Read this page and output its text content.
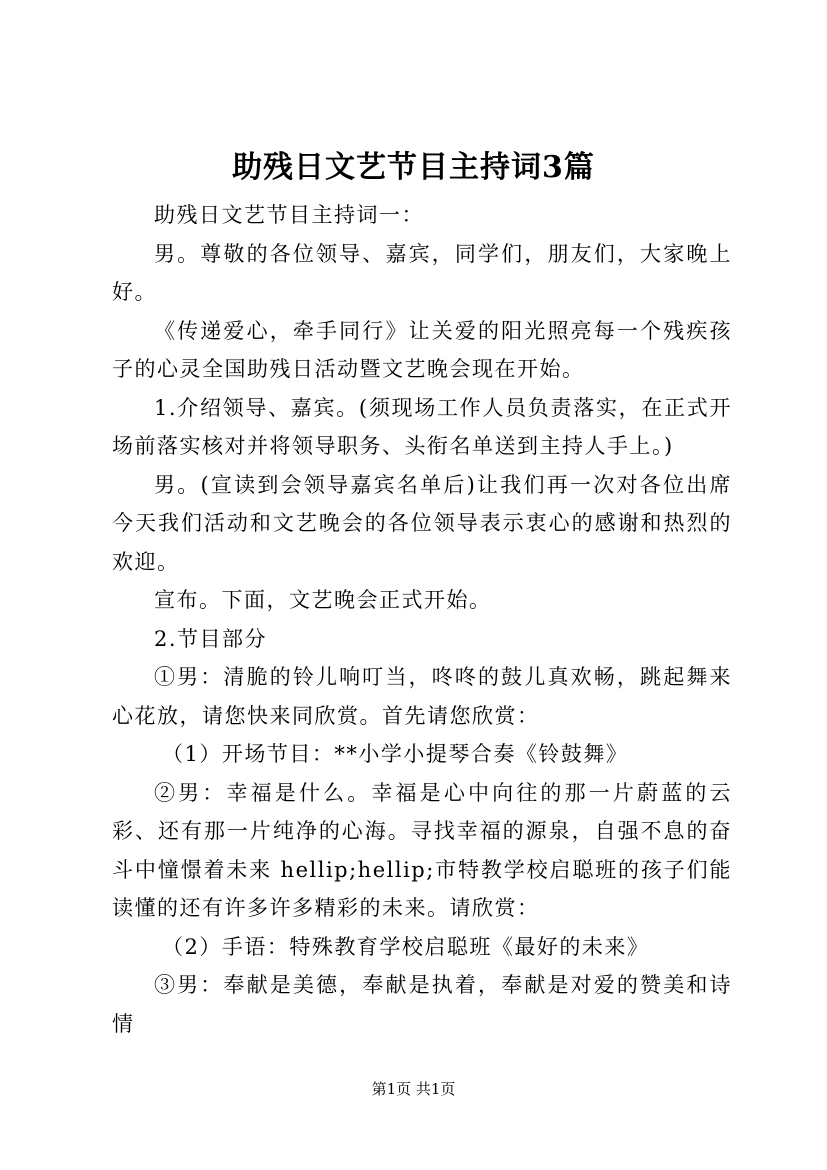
助残日文艺节目主持词3篇

助残日文艺节目主持词一：

男。尊敬的各位领导、嘉宾，同学们，朋友们，大家晚上好。

《传递爱心，牵手同行》让关爱的阳光照亮每一个残疾孩子的心灵全国助残日活动暨文艺晚会现在开始。

1.介绍领导、嘉宾。(须现场工作人员负责落实，在正式开场前落实核对并将领导职务、头衔名单送到主持人手上。)

男。(宣读到会领导嘉宾名单后)让我们再一次对各位出席今天我们活动和文艺晚会的各位领导表示衷心的感谢和热烈的欢迎。

宣布。下面，文艺晚会正式开始。

2.节目部分

①男：清脆的铃儿响叮当，咚咚的鼓儿真欢畅，跳起舞来心花放，请您快来同欣赏。首先请您欣赏：

（1）开场节目：**小学小提琴合奏《铃鼓舞》

②男：幸福是什么。幸福是心中向往的那一片蔚蓝的云彩、还有那一片纯净的心海。寻找幸福的源泉，自强不息的奋斗中憧憬着未来 hellip;hellip;市特教学校启聪班的孩子们能读懂的还有许多许多精彩的未来。请欣赏：

（2）手语：特殊教育学校启聪班《最好的未来》

③男：奉献是美德，奉献是执着，奉献是对爱的赞美和诗情

第1页 共1页
